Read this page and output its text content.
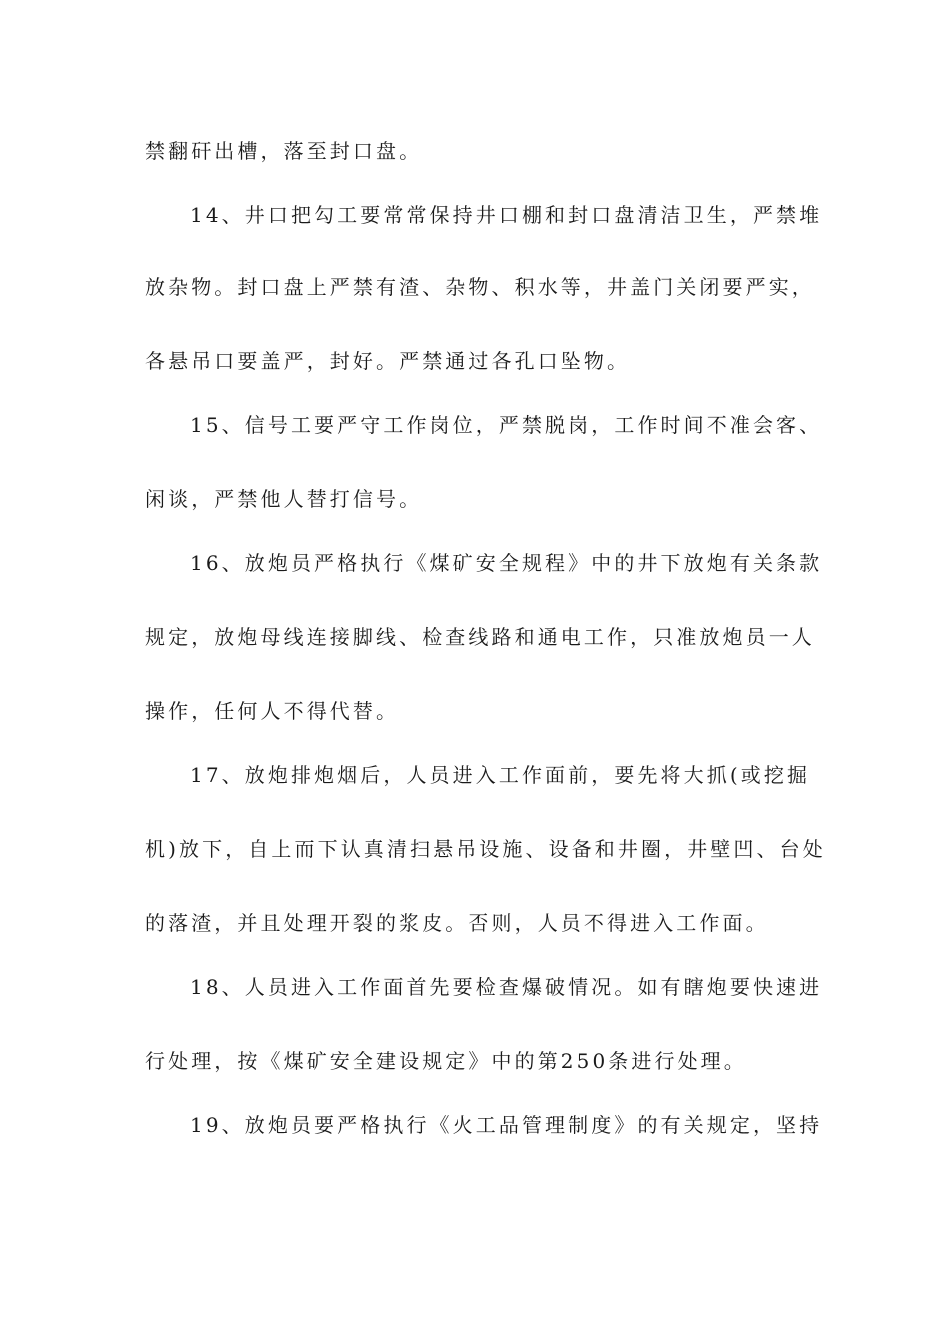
禁翻矸出槽，落至封口盘。
14、井口把勾工要常常保持井口棚和封口盘清洁卫生，严禁堆
放杂物。封口盘上严禁有渣、杂物、积水等，井盖门关闭要严实，
各悬吊口要盖严，封好。严禁通过各孔口坠物。
15、信号工要严守工作岗位，严禁脱岗，工作时间不准会客、
闲谈，严禁他人替打信号。
16、放炮员严格执行《煤矿安全规程》中的井下放炮有关条款
规定，放炮母线连接脚线、检查线路和通电工作，只准放炮员一人
操作，任何人不得代替。
17、放炮排炮烟后，人员进入工作面前，要先将大抓(或挖掘
机)放下，自上而下认真清扫悬吊设施、设备和井圈，井壁凹、台处
的落渣，并且处理开裂的浆皮。否则，人员不得进入工作面。
18、人员进入工作面首先要检查爆破情况。如有瞎炮要快速进
行处理，按《煤矿安全建设规定》中的第250条进行处理。
19、放炮员要严格执行《火工品管理制度》的有关规定，坚持
